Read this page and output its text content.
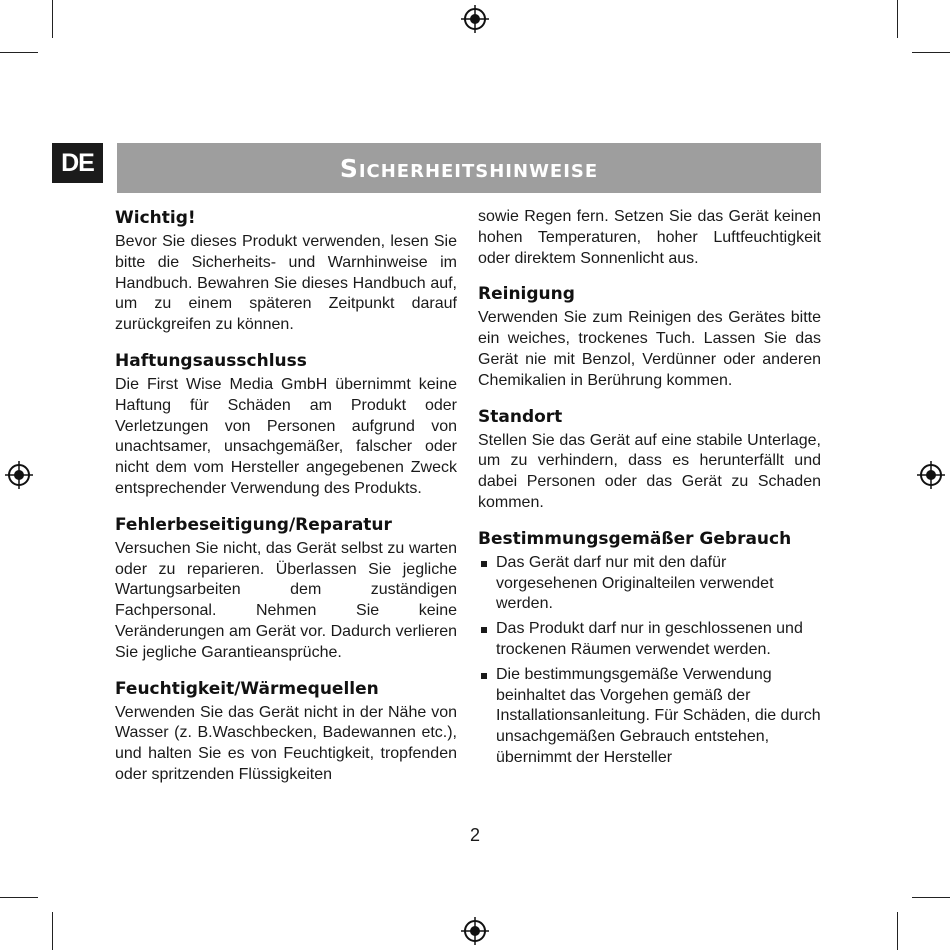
DE	Sicherheitshinweise
Wichtig!

Bevor Sie dieses Produkt verwenden, lesen Sie bitte die Sicherheits- und Warnhinweise im Handbuch. Bewahren Sie dieses Handbuch auf, um zu einem späteren Zeitpunkt darauf zurückgreifen zu können.

Haftungsausschluss

Die First Wise Media GmbH übernimmt keine Haftung für Schäden am Produkt oder Verletzungen von Personen aufgrund von unachtsamer, unsachgemäßer, falscher oder nicht dem vom Hersteller angegebenen Zweck entsprechender Verwendung des Produkts.

Fehlerbeseitigung/Reparatur

Versuchen Sie nicht, das Gerät selbst zu warten oder zu reparieren. Überlassen Sie jegliche Wartungsarbeiten dem zuständigen Fachpersonal. Nehmen Sie keine Veränderungen am Gerät vor. Dadurch verlieren Sie jegliche Garantieansprüche.

Feuchtigkeit/Wärmequellen

Verwenden Sie das Gerät nicht in der Nähe von Wasser (z. B.Waschbecken, Badewannen etc.), und halten Sie es von Feuchtigkeit, tropfenden oder spritzenden Flüssigkeiten

sowie Regen fern. Setzen Sie das Gerät keinen hohen Temperaturen, hoher Luftfeuchtigkeit oder direktem Sonnenlicht aus.

Reinigung

Verwenden Sie zum Reinigen des Gerätes bitte ein weiches, trockenes Tuch. Lassen Sie das Gerät nie mit Benzol, Verdünner oder anderen Chemikalien in Berührung kommen.

Standort

Stellen Sie das Gerät auf eine stabile Unterlage, um zu verhindern, dass es herunterfällt und dabei Personen oder das Gerät zu Schaden kommen.

Bestimmungsgemäßer Gebrauch
Das Gerät darf nur mit den dafür vorgesehenen Originalteilen verwendet werden.
Das Produkt darf nur in geschlossenen und trockenen Räumen verwendet werden.
Die bestimmungsgemäße Verwendung beinhaltet das Vorgehen gemäß der Installationsanleitung. Für Schäden, die durch unsachgemäßen Gebrauch entstehen, übernimmt der Hersteller
2
